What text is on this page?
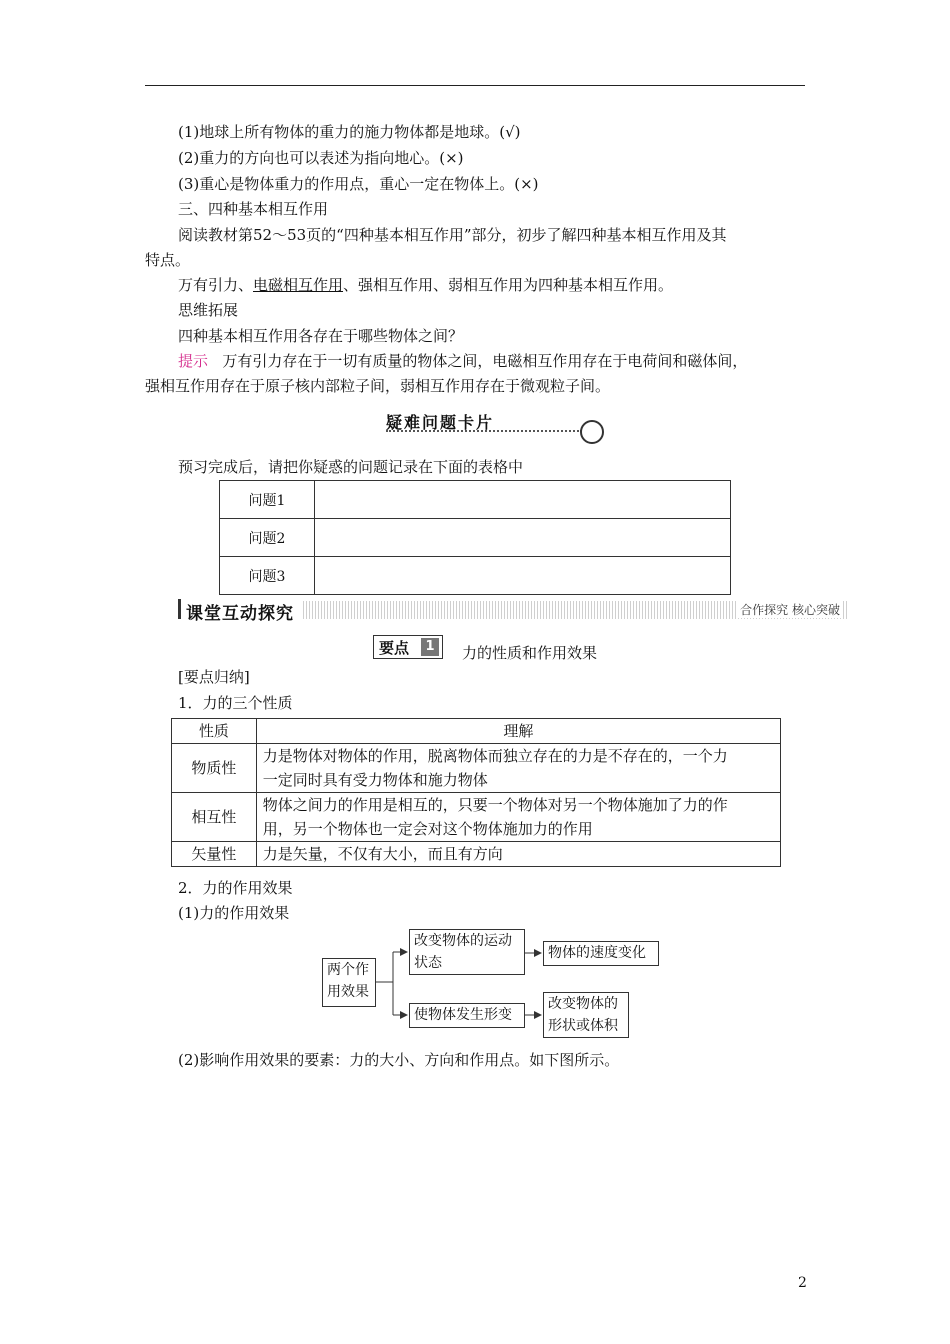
(1)地球上所有物体的重力的施力物体都是地球。(√)
(2)重力的方向也可以表述为指向地心。(×)
(3)重心是物体重力的作用点，重心一定在物体上。(×)
三、四种基本相互作用
阅读教材第52～53页的“四种基本相互作用”部分，初步了解四种基本相互作用及其
特点。
万有引力、电磁相互作用、强相互作用、弱相互作用为四种基本相互作用。
思维拓展
四种基本相互作用各存在于哪些物体之间？
提示 万有引力存在于一切有质量的物体之间，电磁相互作用存在于电荷间和磁体间，
强相互作用存在于原子核内部粒子间，弱相互作用存在于微观粒子间。
疑难问题卡片
预习完成后，请把你疑惑的问题记录在下面的表格中
问题1	
问题2	
问题3	
课堂互动探究	合作探究 核心突破
要点	1 力的性质和作用效果
[要点归纳]
1．力的三个性质
性质	理解
物质性	力是物体对物体的作用，脱离物体而独立存在的力是不存在的，一个力
一定同时具有受力物体和施力物体

相互性	物体之间力的作用是相互的，只要一个物体对另一个物体施加了力的作
用，另一个物体也一定会对这个物体施加力的作用

矢量性	力是矢量，不仅有大小，而且有方向
2．力的作用效果
(1)力的作用效果
两个作
用效果
改变物体的运动
状态
物体的速度变化
使物体发生形变
改变物体的
形状或体积
(2)影响作用效果的要素：力的大小、方向和作用点。如下图所示。
2
